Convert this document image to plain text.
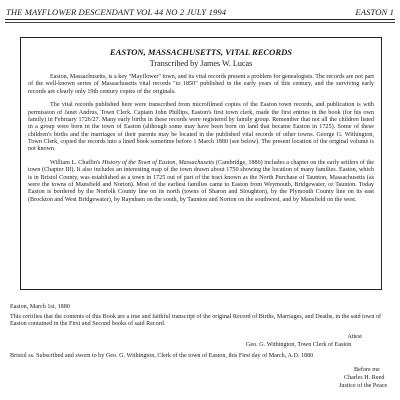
THE MAYFLOWER DESCENDANT VOL 44 NO 2 JULY 1994	EASTON 1
EASTON, MASSACHUSETTS, VITAL RECORDS
Transcribed by James W. Lucas

Easton, Massachusetts, is a key "Mayflower" town, and its vital records present a problem for genealogists. The records are not part of the well-known series of Massachusetts vital records "to 1850" published in the early years of this century, and the surviving early records are clearly only 19th century copies of the originals.

The vital records published here were transcribed from microfilmed copies of the Easton town records, and publication is with permission of Janet Andrus, Town Clerk. Captain John Phillips, Easton's first town clerk, made the first entries in the book (for his own family) in February 1726/27. Many early births in these records were registered by family group. Remember that not all the children listed in a group were born in the town of Easton (although some may have been born on land that became Easton in 1725). Some of these children's births and the marriages of their parents may be located in the published vital records of other towns. George G. Withington, Town Clerk, copied the records into a lined book sometime before 1 March 1880 (see below). The present location of the original volume is not known.

William L. Chaffin's History of the Town of Easton, Massachusetts (Cambridge, 1886) includes a chapter on the early settlers of the town (Chapter III). It also includes an interesting map of the town drawn about 1750 showing the location of many families. Easton, which is in Bristol County, was established as a town in 1725 out of part of the tract known as the North Purchase of Taunton, Massachusetts (as were the towns of Mansfield and Norton). Most of the earliest families came to Easton from Weymouth, Bridgewater, or Taunton. Today Easton is bordered by the Norfolk County line on its north (towns of Sharon and Stoughton), by the Plymouth County line on its east (Brockton and West Bridgewater), by Raynham on the south, by Taunton and Norton on the southwest, and by Mansfield on the west.

Easton, March 1st, 1880

This certifies that the contents of this Book are a true and faithful transcript of the original Record of Births, Marriages, and Deaths, in the said town of Easton contained in the First and Second books of said Record.

Attest

Geo. G. Withington, Town Clerk of Easton

Bristol ss. Subscribed and sworn to by Geo. G. Withington, Clerk of the town of Easton, this First day of March, A.D. 1880

Before me

Charles H. Reed

Justice of the Peace
